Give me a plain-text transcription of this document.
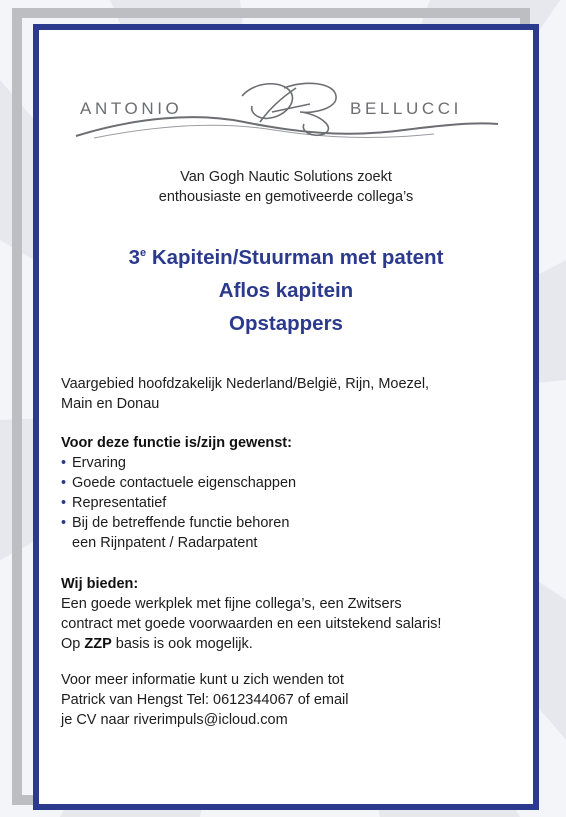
ANTONIO	BELLUCCI
Van Gogh Nautic Solutions zoekt
enthousiaste en gemotiveerde collega’s
3e Kapitein/Stuurman met patent
Aflos kapitein
Opstappers
Vaargebied hoofdzakelijk Nederland/België, Rijn, Moezel,
Main en Donau
Voor deze functie is/zijn gewenst:
• Ervaring
• Goede contactuele eigenschappen
• Representatief
• Bij de betreffende functie behoren
een Rijnpatent / Radarpatent
Wij bieden:
Een goede werkplek met fijne collega’s, een Zwitsers
contract met goede voorwaarden en een uitstekend salaris!
Op ZZP basis is ook mogelijk.
Voor meer informatie kunt u zich wenden tot
Patrick van Hengst Tel: 0612344067 of email
je CV naar riverimpuls@icloud.com
